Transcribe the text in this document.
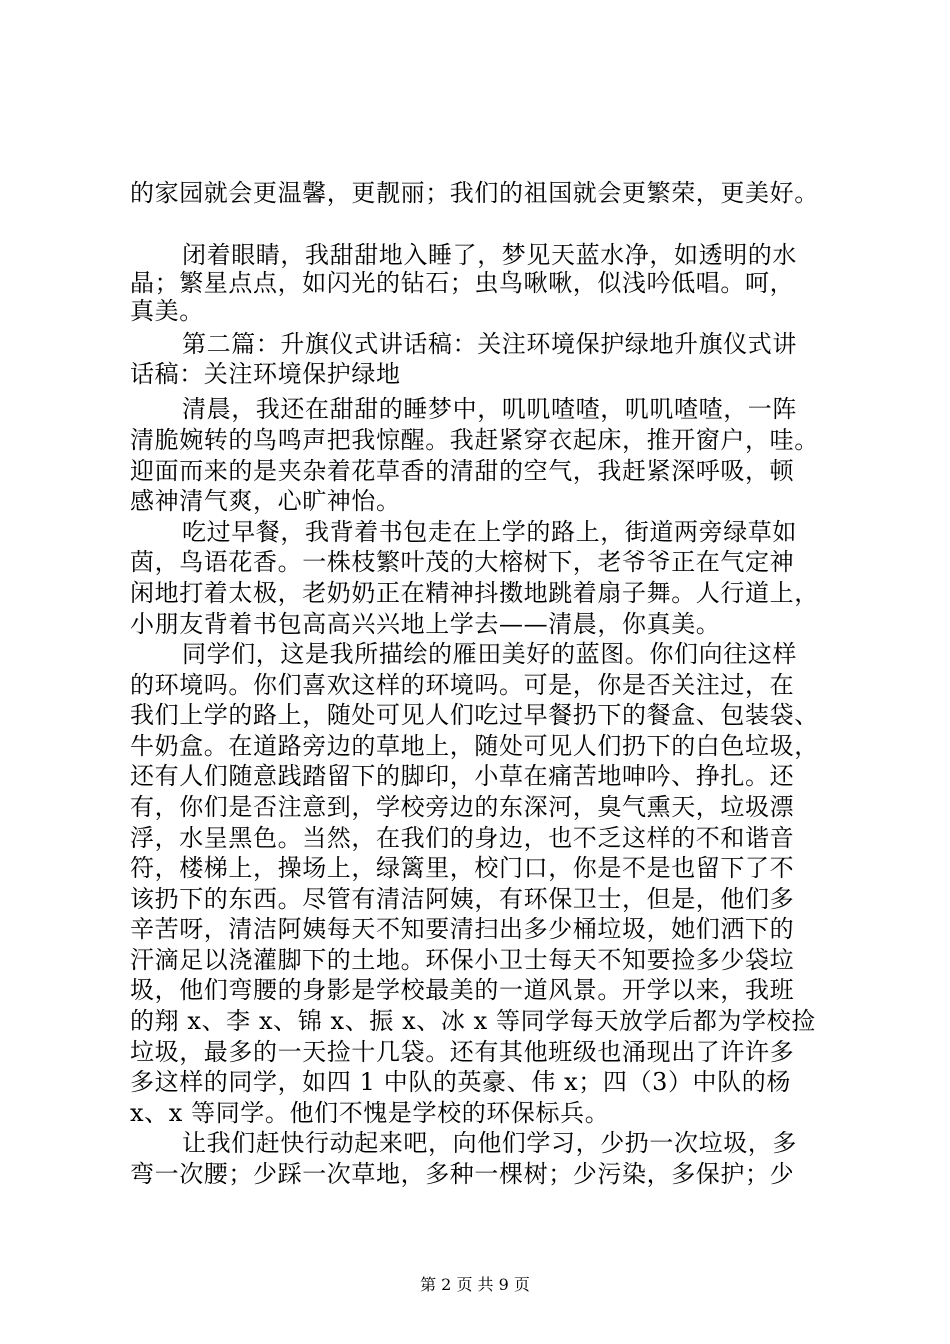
的家园就会更温馨，更靓丽；我们的祖国就会更繁荣，更美好。
闭着眼睛，我甜甜地入睡了，梦见天蓝水净，如透明的水
晶；繁星点点，如闪光的钻石；虫鸟啾啾，似浅吟低唱。呵，
真美。
第二篇：升旗仪式讲话稿：关注环境保护绿地升旗仪式讲
话稿：关注环境保护绿地
清晨，我还在甜甜的睡梦中，叽叽喳喳，叽叽喳喳，一阵
清脆婉转的鸟鸣声把我惊醒。我赶紧穿衣起床，推开窗户，哇。
迎面而来的是夹杂着花草香的清甜的空气，我赶紧深呼吸，顿
感神清气爽，心旷神怡。
吃过早餐，我背着书包走在上学的路上，街道两旁绿草如
茵，鸟语花香。一株枝繁叶茂的大榕树下，老爷爷正在气定神
闲地打着太极，老奶奶正在精神抖擞地跳着扇子舞。人行道上，
小朋友背着书包高高兴兴地上学去——清晨，你真美。
同学们，这是我所描绘的雁田美好的蓝图。你们向往这样
的环境吗。你们喜欢这样的环境吗。可是，你是否关注过，在
我们上学的路上，随处可见人们吃过早餐扔下的餐盒、包装袋、
牛奶盒。在道路旁边的草地上，随处可见人们扔下的白色垃圾，
还有人们随意践踏留下的脚印，小草在痛苦地呻吟、挣扎。还
有，你们是否注意到，学校旁边的东深河，臭气熏天，垃圾漂
浮，水呈黑色。当然，在我们的身边，也不乏这样的不和谐音
符，楼梯上，操场上，绿篱里，校门口，你是不是也留下了不
该扔下的东西。尽管有清洁阿姨，有环保卫士，但是，他们多
辛苦呀，清洁阿姨每天不知要清扫出多少桶垃圾，她们洒下的
汗滴足以浇灌脚下的土地。环保小卫士每天不知要捡多少袋垃
圾，他们弯腰的身影是学校最美的一道风景。开学以来，我班
的翔 x、李 x、锦 x、振 x、冰 x 等同学每天放学后都为学校捡
垃圾，最多的一天捡十几袋。还有其他班级也涌现出了许许多
多这样的同学，如四 1 中队的英豪、伟 x；四（3）中队的杨
x、x 等同学。他们不愧是学校的环保标兵。
让我们赶快行动起来吧，向他们学习，少扔一次垃圾，多
弯一次腰；少踩一次草地，多种一棵树；少污染，多保护；少
第 2 页 共 9 页
